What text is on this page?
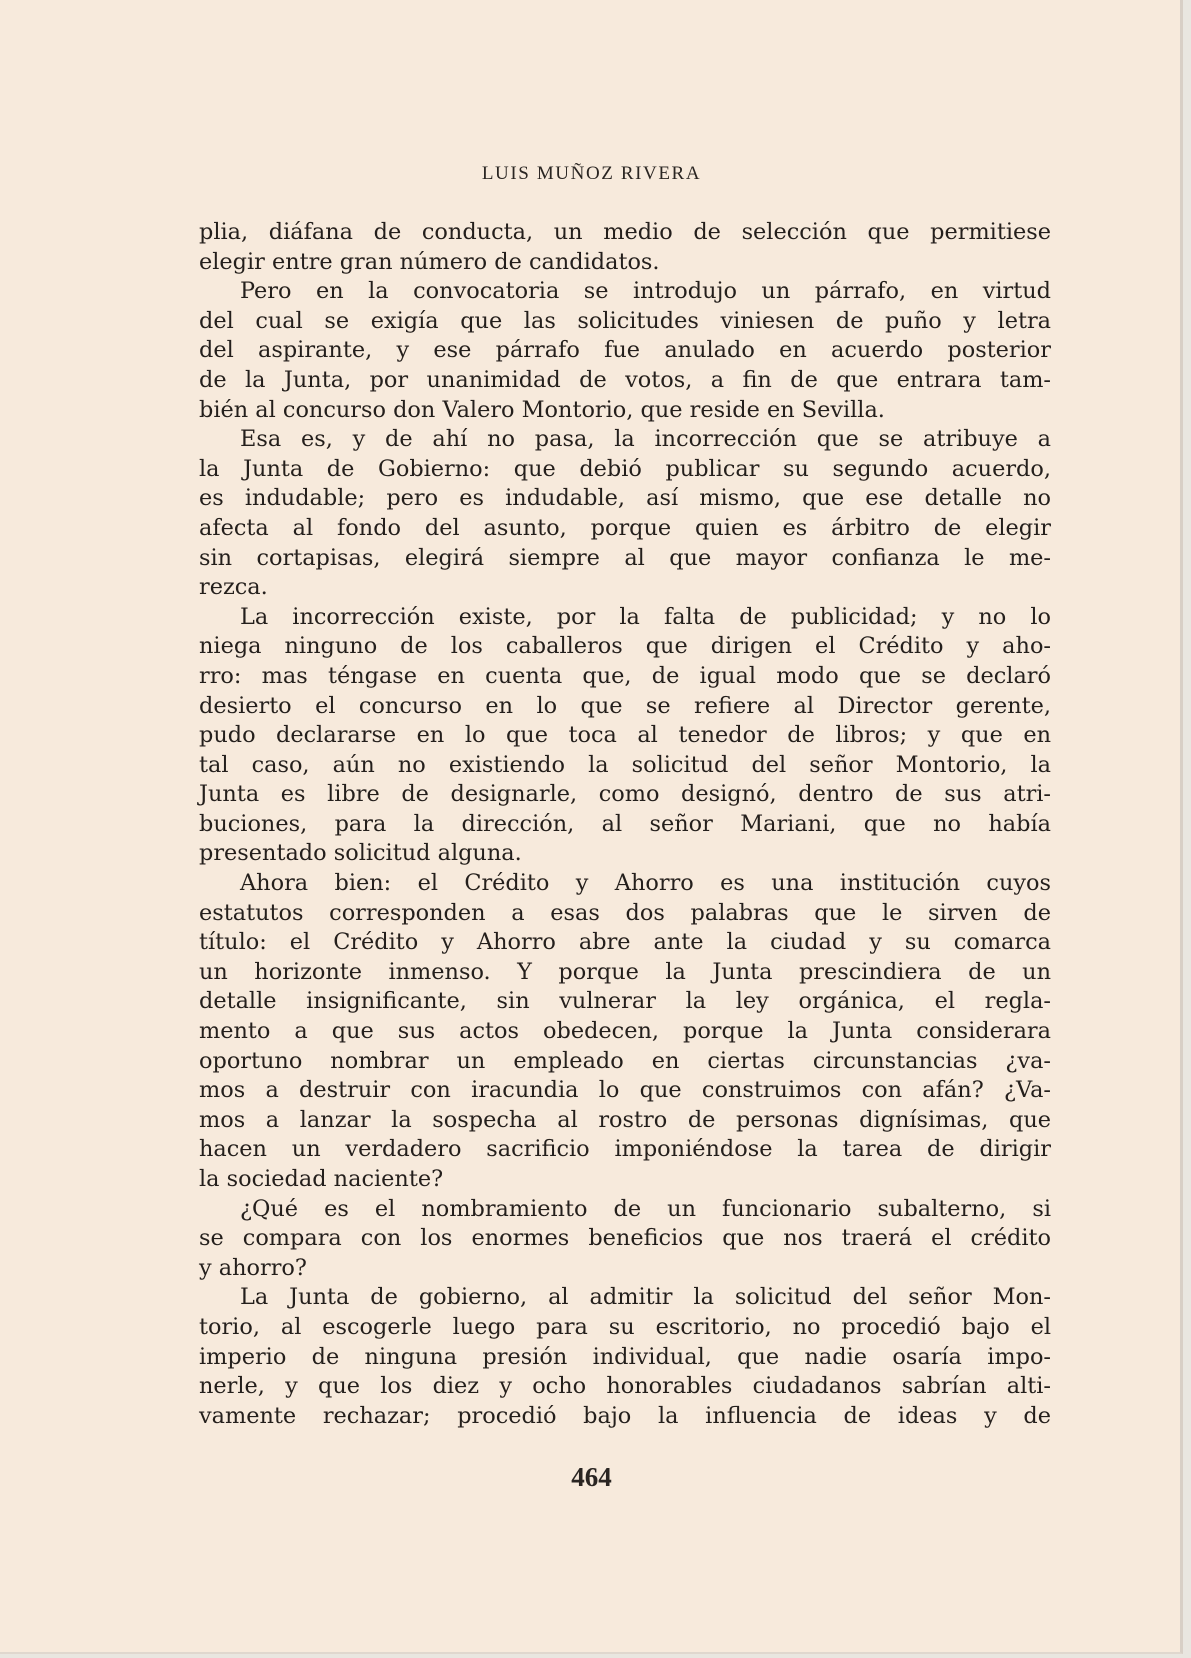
LUIS MUÑOZ RIVERA
plia, diáfana de conducta, un medio de selección que permitiese
elegir entre gran número de candidatos.
Pero en la convocatoria se introdujo un párrafo, en virtud
del cual se exigía que las solicitudes viniesen de puño y letra
del aspirante, y ese párrafo fue anulado en acuerdo posterior
de la Junta, por unanimidad de votos, a fin de que entrara tam-
bién al concurso don Valero Montorio, que reside en Sevilla.
Esa es, y de ahí no pasa, la incorrección que se atribuye a
la Junta de Gobierno: que debió publicar su segundo acuerdo,
es indudable; pero es indudable, así mismo, que ese detalle no
afecta al fondo del asunto, porque quien es árbitro de elegir
sin cortapisas, elegirá siempre al que mayor confianza le me-
rezca.
La incorrección existe, por la falta de publicidad; y no lo
niega ninguno de los caballeros que dirigen el Crédito y aho-
rro: mas téngase en cuenta que, de igual modo que se declaró
desierto el concurso en lo que se refiere al Director gerente,
pudo declararse en lo que toca al tenedor de libros; y que en
tal caso, aún no existiendo la solicitud del señor Montorio, la
Junta es libre de designarle, como designó, dentro de sus atri-
buciones, para la dirección, al señor Mariani, que no había
presentado solicitud alguna.
Ahora bien: el Crédito y Ahorro es una institución cuyos
estatutos corresponden a esas dos palabras que le sirven de
título: el Crédito y Ahorro abre ante la ciudad y su comarca
un horizonte inmenso. Y porque la Junta prescindiera de un
detalle insignificante, sin vulnerar la ley orgánica, el regla-
mento a que sus actos obedecen, porque la Junta considerara
oportuno nombrar un empleado en ciertas circunstancias ¿va-
mos a destruir con iracundia lo que construimos con afán? ¿Va-
mos a lanzar la sospecha al rostro de personas dignísimas, que
hacen un verdadero sacrificio imponiéndose la tarea de dirigir
la sociedad naciente?
¿Qué es el nombramiento de un funcionario subalterno, si
se compara con los enormes beneficios que nos traerá el crédito
y ahorro?
La Junta de gobierno, al admitir la solicitud del señor Mon-
torio, al escogerle luego para su escritorio, no procedió bajo el
imperio de ninguna presión individual, que nadie osaría impo-
nerle, y que los diez y ocho honorables ciudadanos sabrían alti-
vamente rechazar; procedió bajo la influencia de ideas y de
464
